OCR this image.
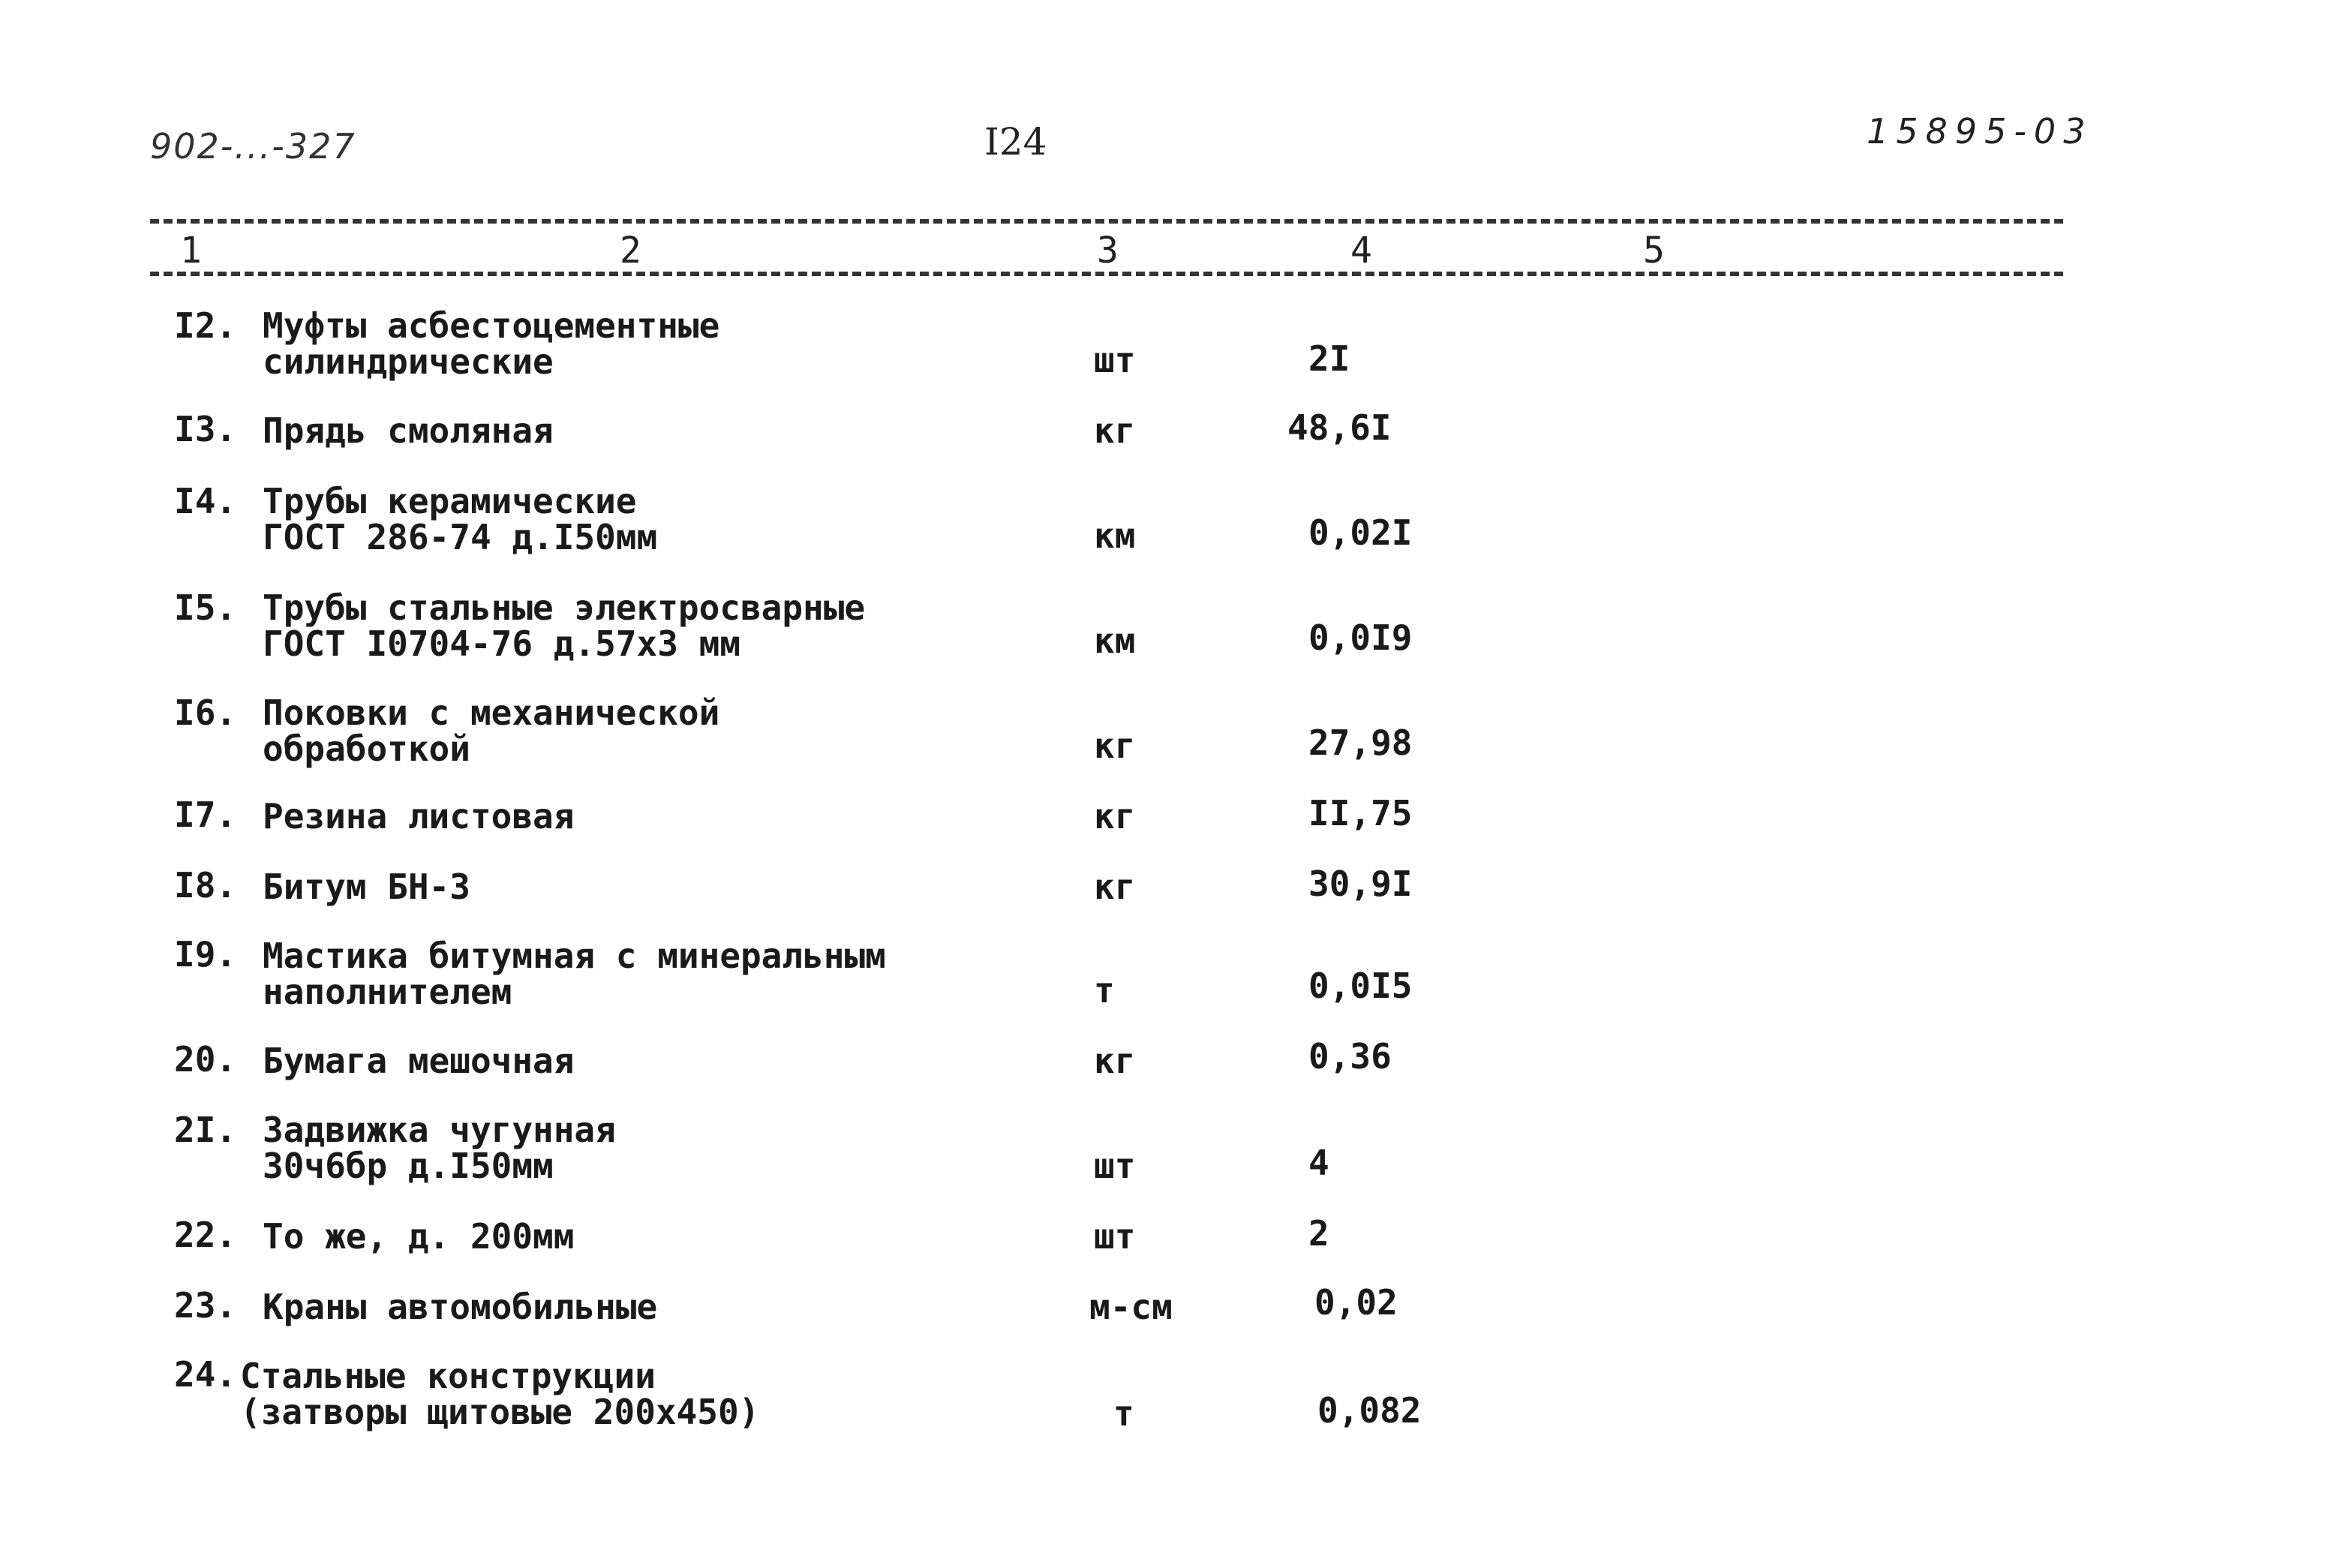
902-...-327	I24	15895-03
1	2	3	4	5
I2. Муфты асбестоцементные
cилиндрические	шт	2I
I3. Прядь смоляная	кг	48,6I
I4. Трубы керамические
ГОСТ 286-74 д.I50мм	км	0,02I
I5. Трубы стальные электросварные
ГОСТ I0704-76 д.57х3 мм	км	0,0I9
I6. Поковки с механической
обработкой	кг	27,98
I7. Резина листовая	кг	II,75
I8. Битум БН-3	кг	30,9I
I9. Мастика битумная с минеральным
наполнителем	т	0,0I5
20. Бумага мешочная	кг	0,36
2I. Задвижка чугунная
30ч6бр д.I50мм	шт	4
22. То же, д. 200мм	шт	2
23. Краны автомобильные	м-см	0,02
24. Стальные конструкции
(затворы щитовые 200х450)	т	0,082
